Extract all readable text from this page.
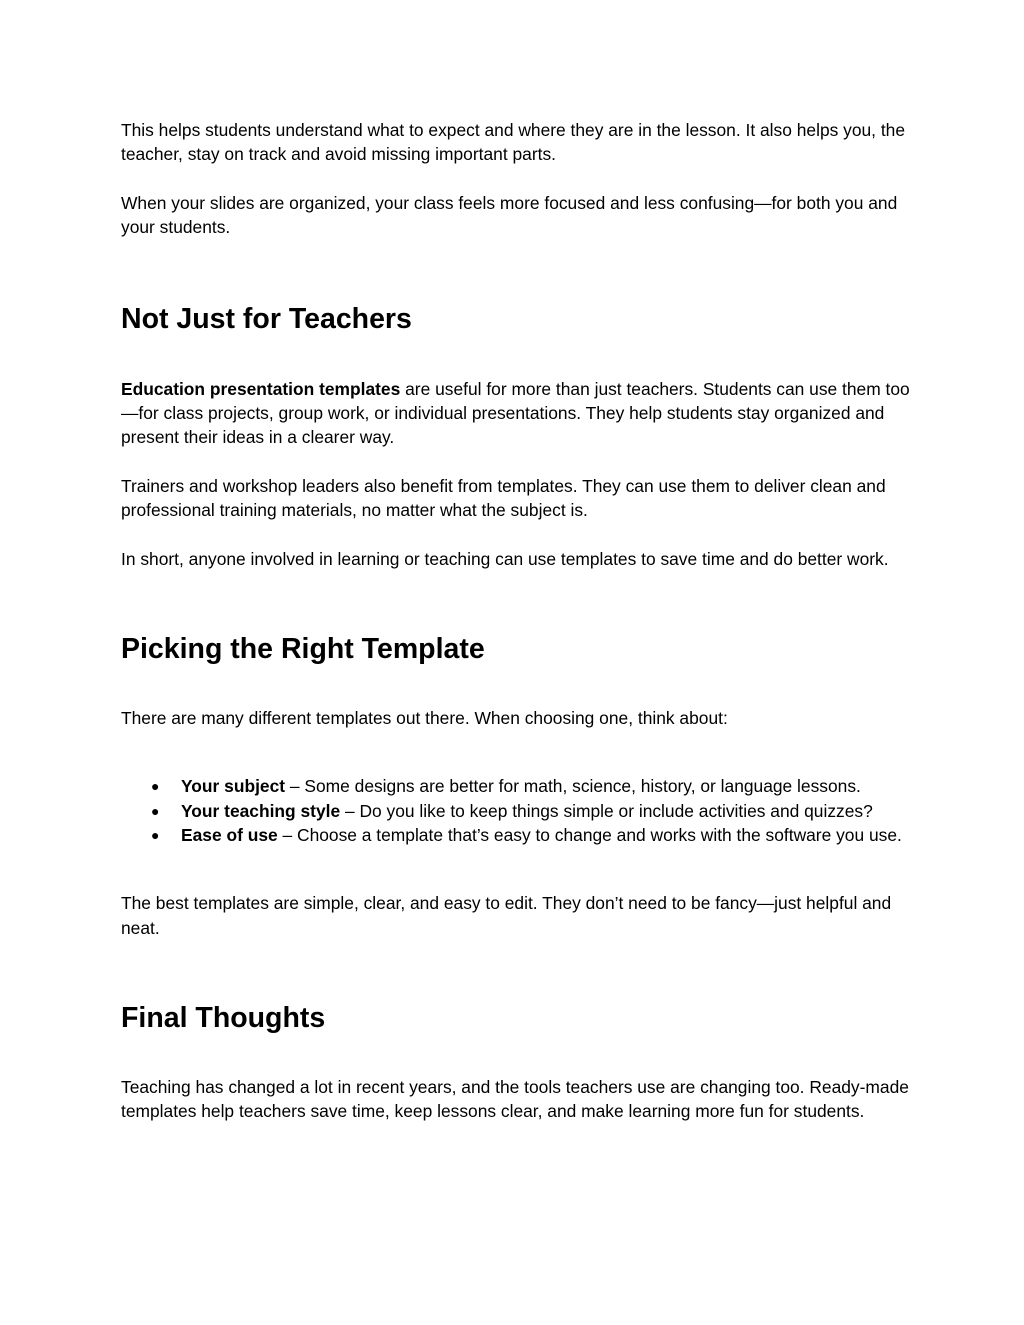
This helps students understand what to expect and where they are in the lesson. It also helps you, the teacher, stay on track and avoid missing important parts.

When your slides are organized, your class feels more focused and less confusing—for both you and your students.

Not Just for Teachers

Education presentation templates are useful for more than just teachers. Students can use them too—for class projects, group work, or individual presentations. They help students stay organized and present their ideas in a clearer way.

Trainers and workshop leaders also benefit from templates. They can use them to deliver clean and professional training materials, no matter what the subject is.

In short, anyone involved in learning or teaching can use templates to save time and do better work.

Picking the Right Template

There are many different templates out there. When choosing one, think about:

● Your subject – Some designs are better for math, science, history, or language lessons.
● Your teaching style – Do you like to keep things simple or include activities and quizzes?
● Ease of use – Choose a template that’s easy to change and works with the software you use.

The best templates are simple, clear, and easy to edit. They don’t need to be fancy—just helpful and neat.

Final Thoughts

Teaching has changed a lot in recent years, and the tools teachers use are changing too. Ready-made templates help teachers save time, keep lessons clear, and make learning more fun for students.
